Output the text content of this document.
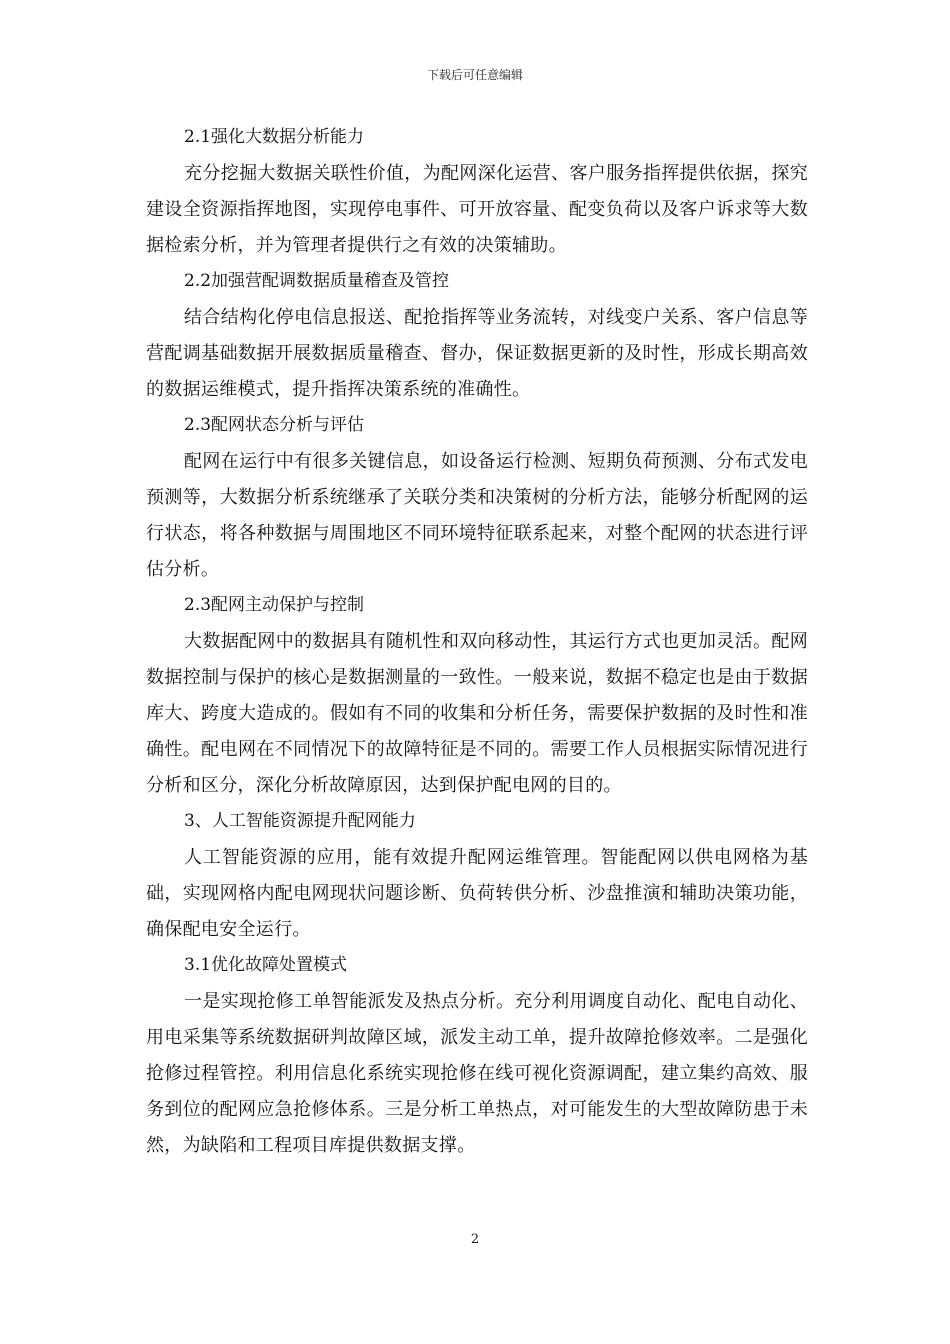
下载后可任意编辑

2.1强化大数据分析能力

充分挖掘大数据关联性价值，为配网深化运营、客户服务指挥提供依据，探究建设全资源指挥地图，实现停电事件、可开放容量、配变负荷以及客户诉求等大数据检索分析，并为管理者提供行之有效的决策辅助。

2.2加强营配调数据质量稽查及管控

结合结构化停电信息报送、配抢指挥等业务流转，对线变户关系、客户信息等营配调基础数据开展数据质量稽查、督办，保证数据更新的及时性，形成长期高效的数据运维模式，提升指挥决策系统的准确性。

2.3配网状态分析与评估

配网在运行中有很多关键信息，如设备运行检测、短期负荷预测、分布式发电预测等，大数据分析系统继承了关联分类和决策树的分析方法，能够分析配网的运行状态，将各种数据与周围地区不同环境特征联系起来，对整个配网的状态进行评估分析。

2.3配网主动保护与控制

大数据配网中的数据具有随机性和双向移动性，其运行方式也更加灵活。配网数据控制与保护的核心是数据测量的一致性。一般来说，数据不稳定也是由于数据库大、跨度大造成的。假如有不同的收集和分析任务，需要保护数据的及时性和准确性。配电网在不同情况下的故障特征是不同的。需要工作人员根据实际情况进行分析和区分，深化分析故障原因，达到保护配电网的目的。

3、人工智能资源提升配网能力

人工智能资源的应用，能有效提升配网运维管理。智能配网以供电网格为基础，实现网格内配电网现状问题诊断、负荷转供分析、沙盘推演和辅助决策功能，确保配电安全运行。

3.1优化故障处置模式

一是实现抢修工单智能派发及热点分析。充分利用调度自动化、配电自动化、用电采集等系统数据研判故障区域，派发主动工单，提升故障抢修效率。二是强化抢修过程管控。利用信息化系统实现抢修在线可视化资源调配，建立集约高效、服务到位的配网应急抢修体系。三是分析工单热点，对可能发生的大型故障防患于未然，为缺陷和工程项目库提供数据支撑。

2
